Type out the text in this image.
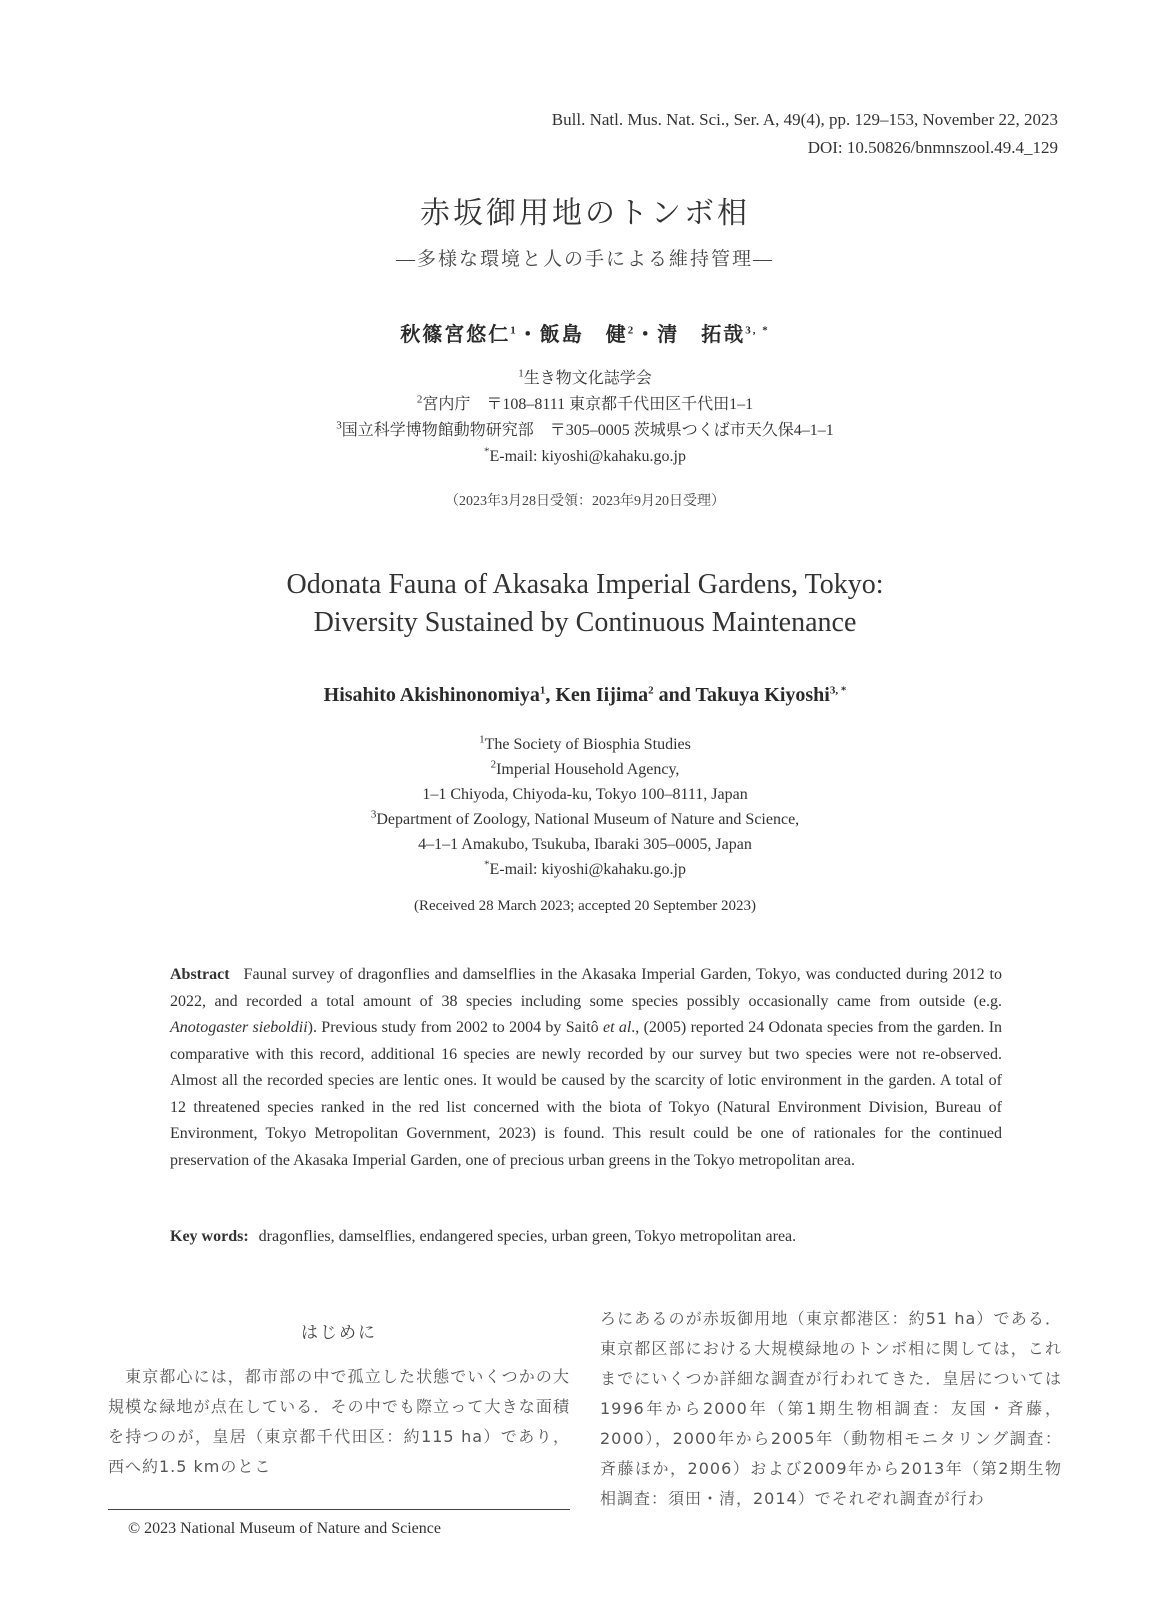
Bull. Natl. Mus. Nat. Sci., Ser. A, 49(4), pp. 129–153, November 22, 2023
DOI: 10.50826/bnmnszool.49.4_129
赤坂御用地のトンボ相
—多様な環境と人の手による維持管理—
秋篠宮悠仁$^1$・飯島　健$^2$・清　拓哉$^{3, *}$
$^1$生き物文化誌学会
$^2$宮内庁　〒108–8111 東京都千代田区千代田1–1
$^3$国立科学博物館動物研究部　〒305–0005 茨城県つくば市天久保4–1–1
*E-mail: kiyoshi@kahaku.go.jp
（2023年3月28日受領：2023年9月20日受理）
Odonata Fauna of Akasaka Imperial Gardens, Tokyo:
Diversity Sustained by Continuous Maintenance
Hisahito Akishinonomiya$^1$, Ken Iijima$^2$ and Takuya Kiyoshi$^{3, *}$
$^1$The Society of Biosphia Studies
$^2$Imperial Household Agency,
1–1 Chiyoda, Chiyoda-ku, Tokyo 100–8111, Japan
$^3$Department of Zoology, National Museum of Nature and Science,
4–1–1 Amakubo, Tsukuba, Ibaraki 305–0005, Japan
*E-mail: kiyoshi@kahaku.go.jp
(Received 28 March 2023; accepted 20 September 2023)
Abstract Faunal survey of dragonflies and damselflies in the Akasaka Imperial Garden, Tokyo, was conducted during 2012 to 2022, and recorded a total amount of 38 species including some species possibly occasionally came from outside (e.g. Anotogaster sieboldii). Previous study from 2002 to 2004 by Saitô et al., (2005) reported 24 Odonata species from the garden. In comparative with this record, additional 16 species are newly recorded by our survey but two species were not re-observed. Almost all the recorded species are lentic ones. It would be caused by the scarcity of lotic environment in the garden. A total of 12 threatened species ranked in the red list concerned with the biota of Tokyo (Natural Environment Division, Bureau of Environment, Tokyo Metropolitan Government, 2023) is found. This result could be one of rationales for the continued preservation of the Akasaka Imperial Garden, one of precious urban greens in the Tokyo metropolitan area.
Key words: dragonflies, damselflies, endangered species, urban green, Tokyo metropolitan area.
はじめに
　東京都心には，都市部の中で孤立した状態でいくつかの大規模な緑地が点在している．その中でも際立って大きな面積を持つのが，皇居（東京都千代田区：約115 ha）であり，西へ約1.5 kmのとこ
ろにあるのが赤坂御用地（東京都港区：約51 ha）である．東京都区部における大規模緑地のトンボ相に関しては，これまでにいくつか詳細な調査が行われてきた．皇居については1996年から2000年（第1期生物相調査：友国・斉藤，2000），2000年から2005年（動物相モニタリング調査：斉藤ほか，2006）および2009年から2013年（第2期生物相調査：須田・清，2014）でそれぞれ調査が行わ
© 2023 National Museum of Nature and Science
